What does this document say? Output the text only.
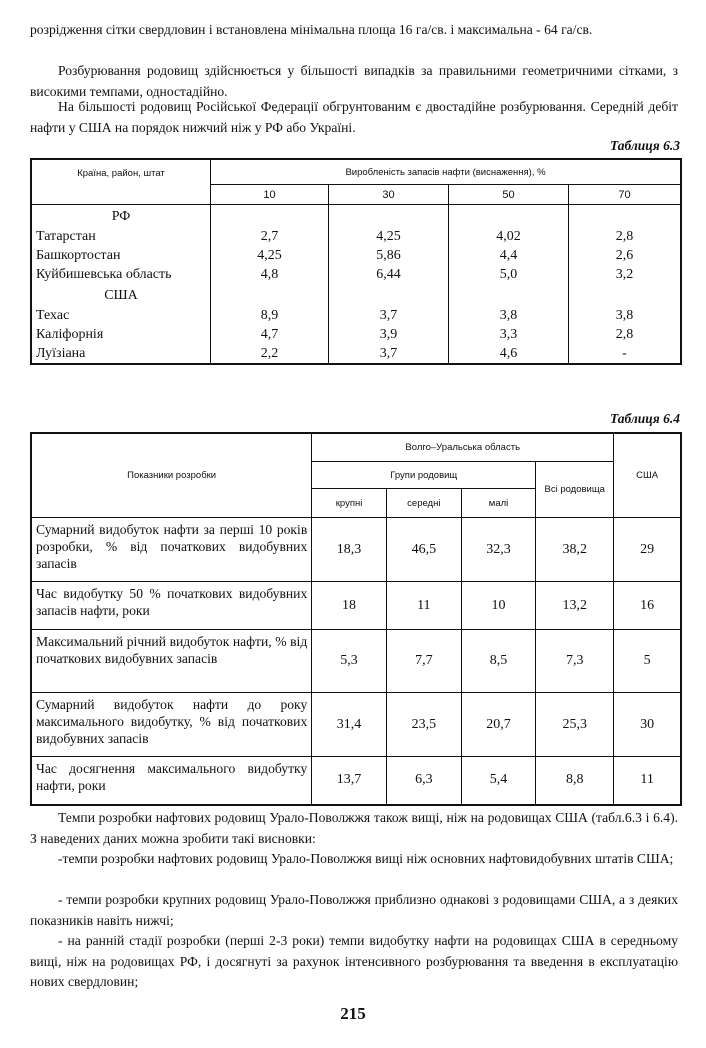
розрідження сітки свердловин і встановлена мінімальна площа 16 га/св. і максимальна - 64 га/св.

Розбурювання родовищ здійснюється у більшості випадків за правильними геометричними сітками, з високими темпами, одностадійно.

На більшості родовищ Російської Федерації обгрунтованим є двостадійне розбурювання. Середній дебіт нафти у США на порядок нижчий ніж у РФ або Україні.

Таблиця 6.3
Країна, район, штат	Виробленість запасів нафти (виснаження), %			
	10	30	50	70
РФ				
Татарстан	2,7	4,25	4,02	2,8
Башкортостан	4,25	5,86	4,4	2,6
Куйбишевська область	4,8	6,44	5,0	3,2
США				
Техас	8,9	3,7	3,8	3,8
Каліфорнія	4,7	3,9	3,3	2,8
Луїзіана	2,2	3,7	4,6	-
Таблиця 6.4
Показники розробки	Волго–Уральська область				США
	Групи родовищ			Всі родовища	
	крупні	середні	малі		
Сумарний видобуток нафти за перші 10 років розробки, % від початкових видобувних запасів	18,3	46,5	32,3	38,2	29
Час видобутку 50 % початкових видобувних запасів нафти, роки	18	11	10	13,2	16
Максимальний річний видобуток нафти, % від початкових видобувних запасів	5,3	7,7	8,5	7,3	5
Сумарний видобуток нафти до року максимального видобутку, % від початкових видобувних запасів	31,4	23,5	20,7	25,3	30
Час досягнення максимального видобутку нафти, роки	13,7	6,3	5,4	8,8	11

Темпи розробки нафтових родовищ Урало-Поволжжя також вищі, ніж на родовищах США (табл.6.3 і 6.4). З наведених даних можна зробити такі висновки:

-темпи розробки нафтових родовищ Урало-Поволжжя вищі ніж основних нафтовидобувних штатів США;

- темпи розробки крупних родовищ Урало-Поволжжя приблизно однакові з родовищами США, а з деяких показників навіть нижчі;

- на ранній стадії розробки (перші 2-3 роки) темпи видобутку нафти на родовищах США в середньому вищі, ніж на родовищах РФ, і досягнуті за рахунок інтенсивного розбурювання та введення в експлуатацію нових свердловин;

215
